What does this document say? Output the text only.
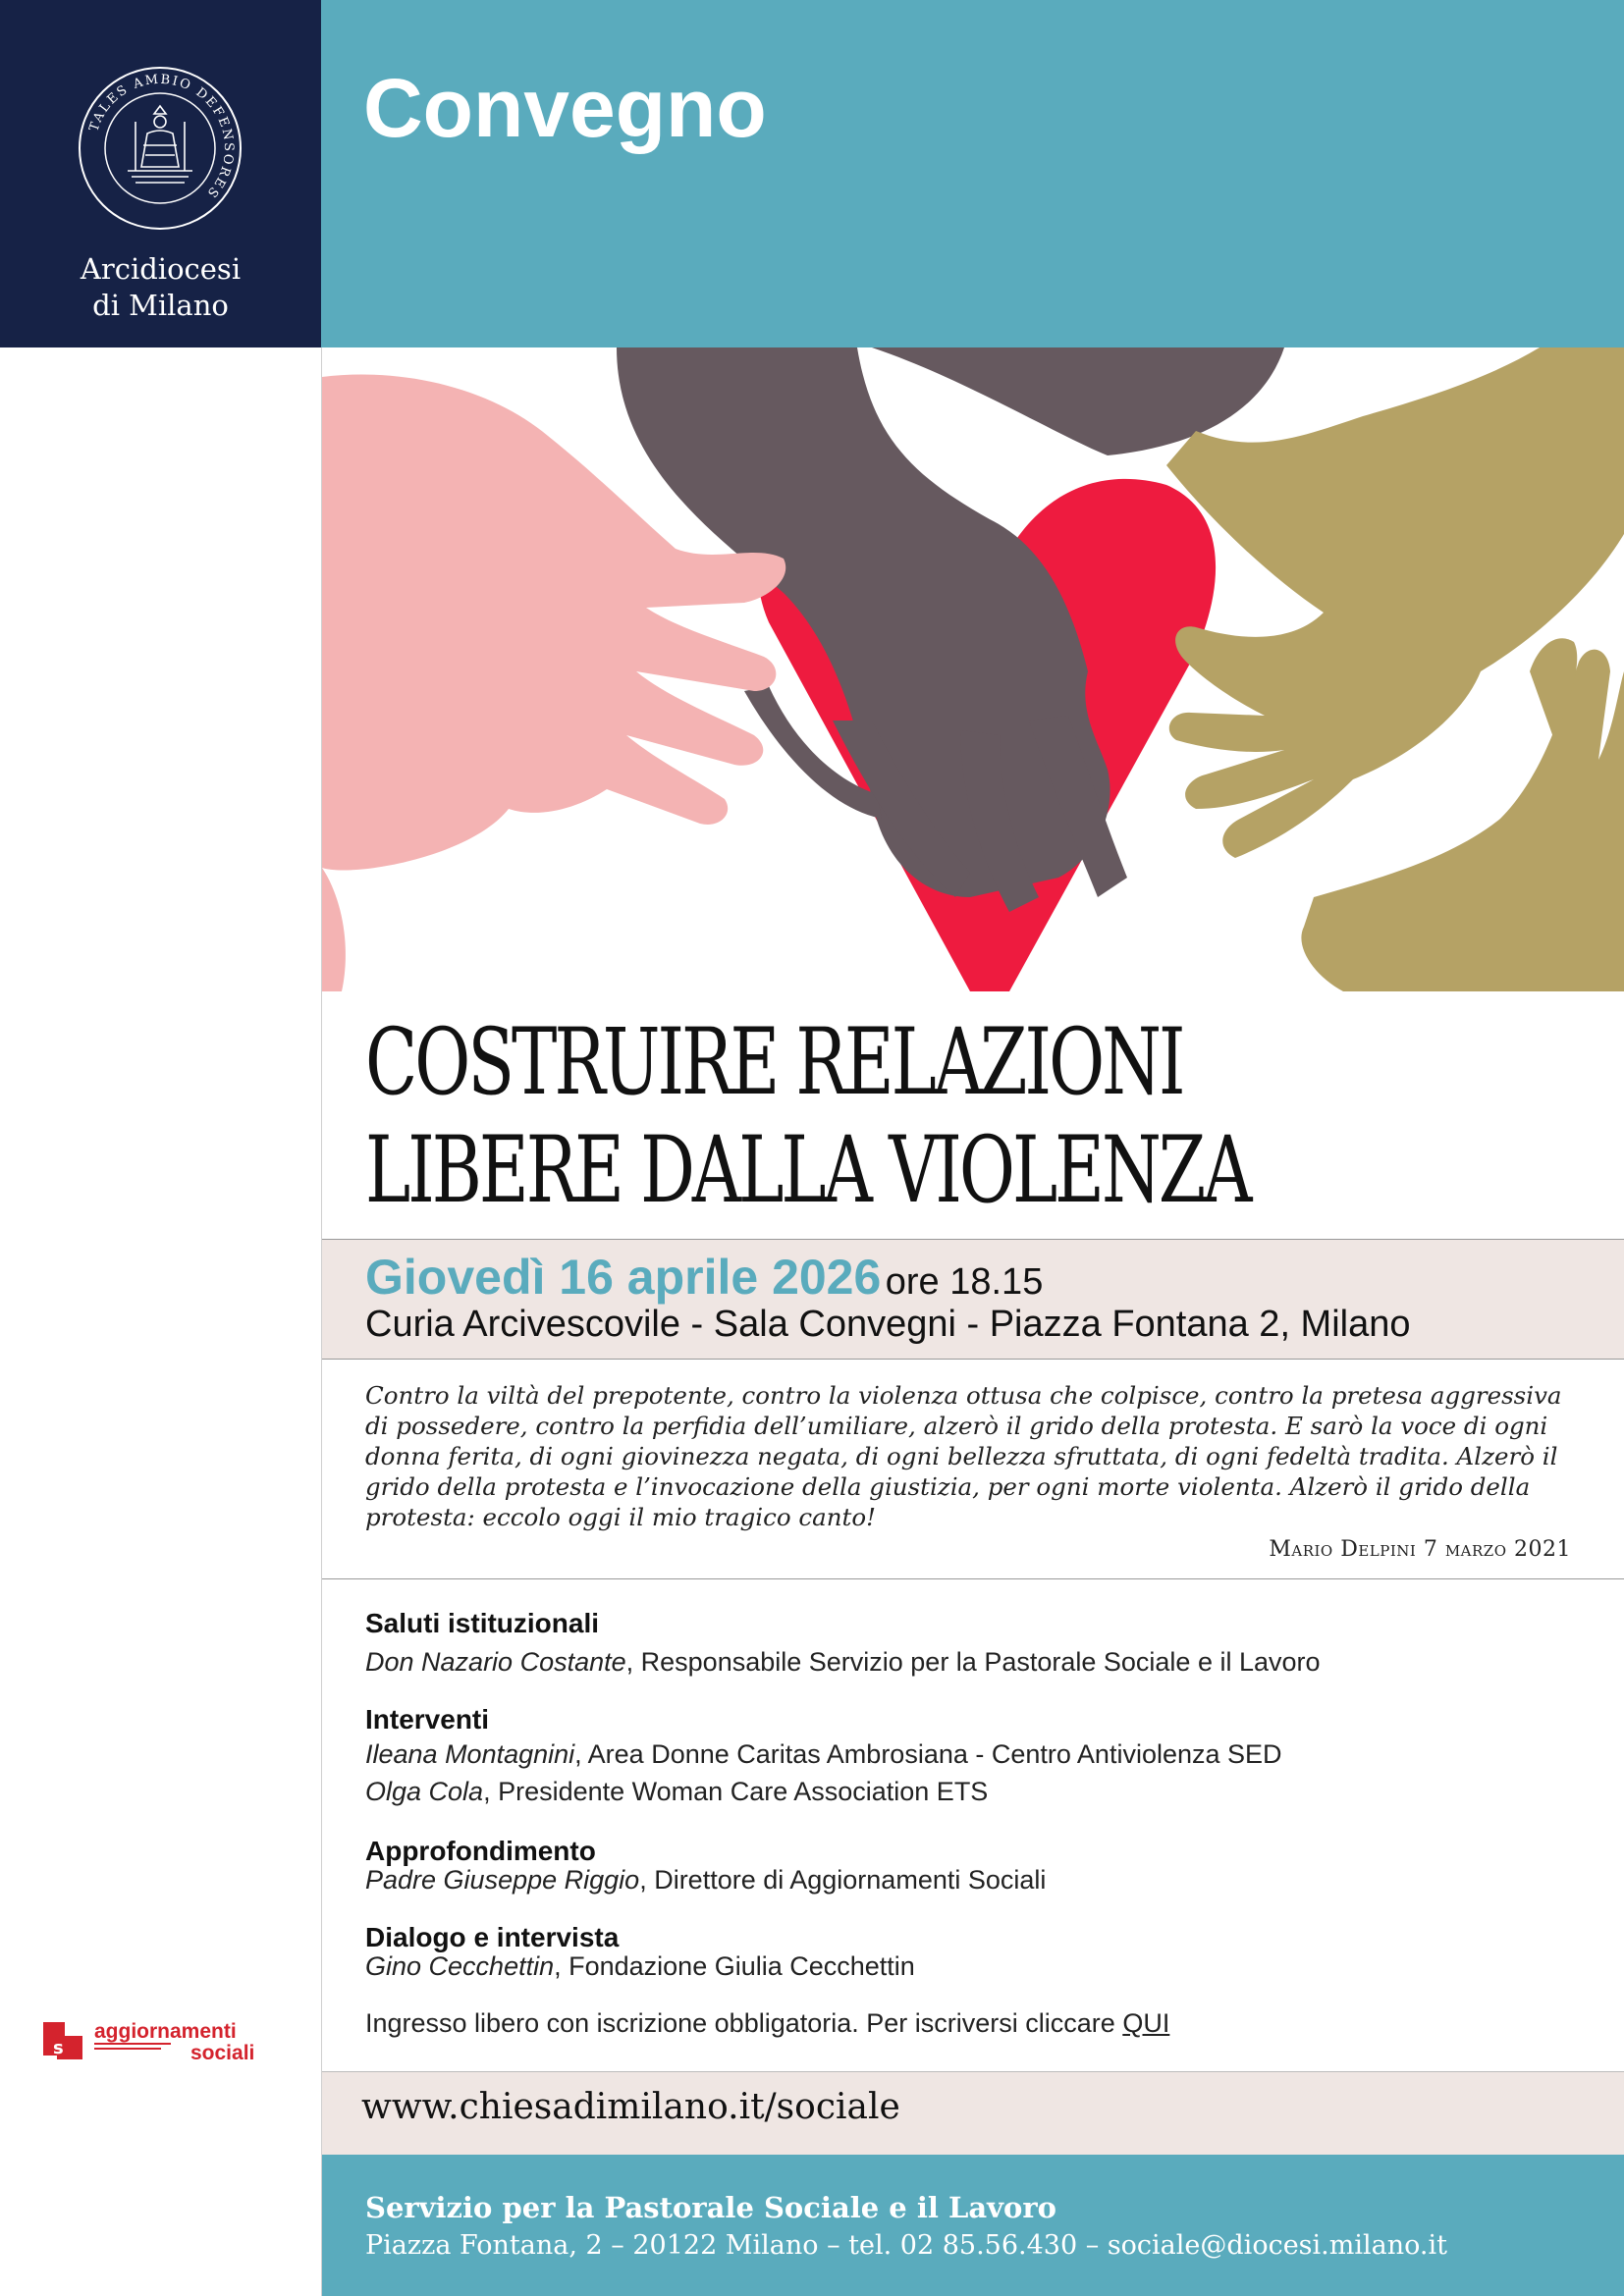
TALES AMBIO DEFENSORES
Arcidiocesi
di Milano
Convegno
COSTRUIRE RELAZIONI
LIBERE DALLA VIOLENZA
Giovedì 16 aprile 2026 ore 18.15
Curia Arcivescovile - Sala Convegni - Piazza Fontana 2, Milano
Contro la viltà del prepotente, contro la violenza ottusa che colpisce, contro la pretesa aggressiva di possedere, contro la perfidia dell’umiliare, alzerò il grido della protesta. E sarò la voce di ogni donna ferita, di ogni giovinezza negata, di ogni bellezza sfruttata, di ogni fedeltà tradita. Alzerò il grido della protesta e l’invocazione della giustizia, per ogni morte violenta. Alzerò il grido della protesta: eccolo oggi il mio tragico canto!
Mario Delpini 7 marzo 2021
Saluti istituzionali
Don Nazario Costante, Responsabile Servizio per la Pastorale Sociale e il Lavoro
Interventi
Ileana Montagnini, Area Donne Caritas Ambrosiana - Centro Antiviolenza SED
Olga Cola, Presidente Woman Care Association ETS
Approfondimento
Padre Giuseppe Riggio, Direttore di Aggiornamenti Sociali
Dialogo e intervista
Gino Cecchettin, Fondazione Giulia Cecchettin
Ingresso libero con iscrizione obbligatoria. Per iscriversi cliccare QUI
s
aggiornamenti
sociali
www.chiesadimilano.it/sociale
Servizio per la Pastorale Sociale e il Lavoro
Piazza Fontana, 2 – 20122 Milano – tel. 02 85.56.430 – sociale@diocesi.milano.it
